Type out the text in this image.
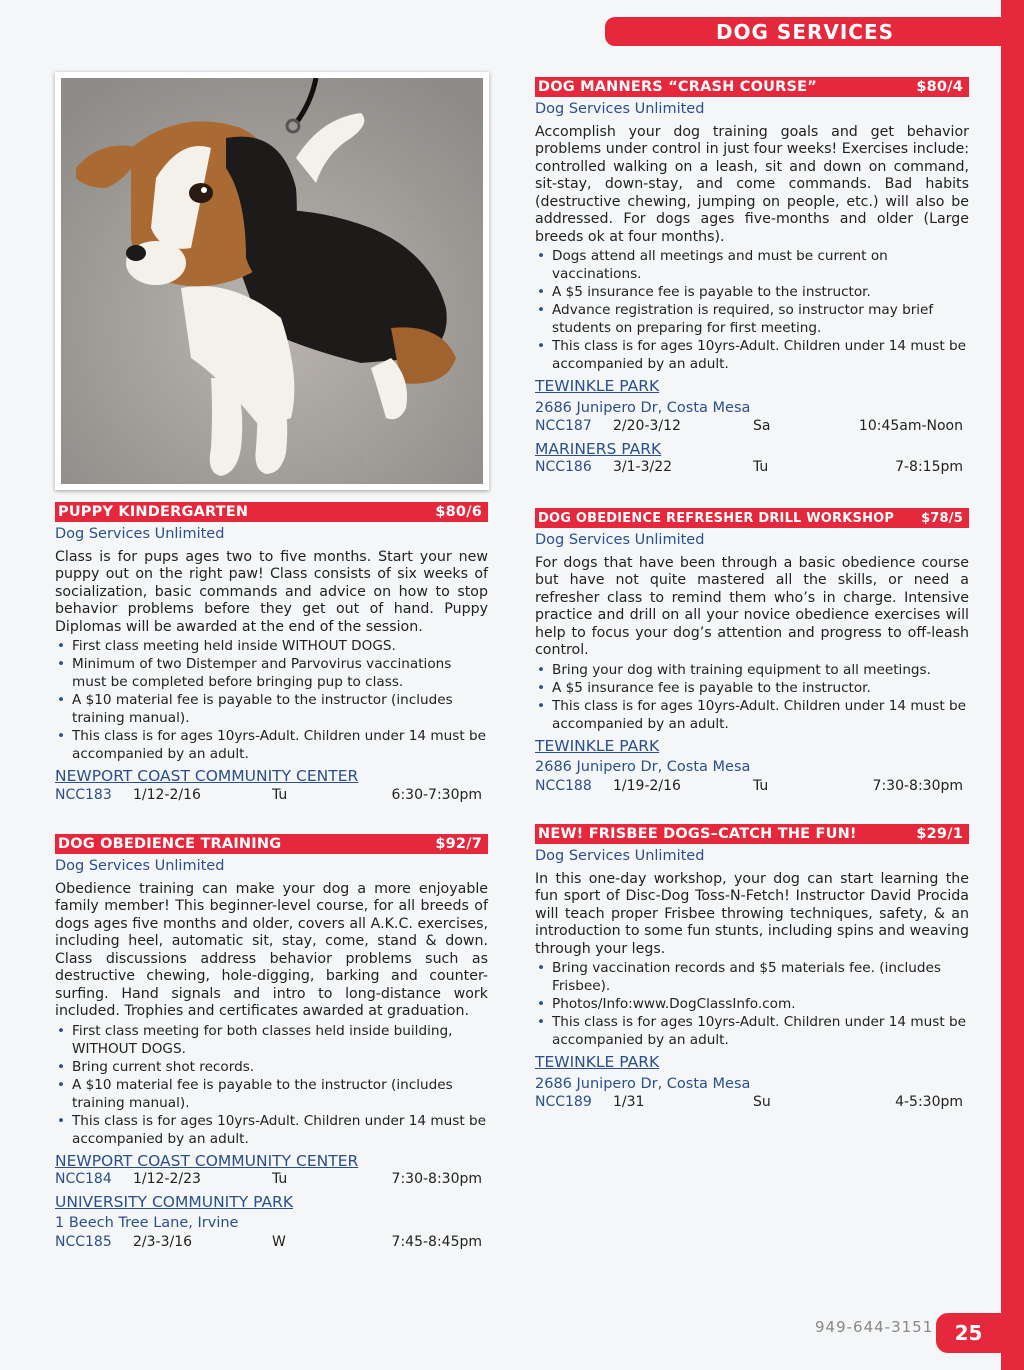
DOG SERVICES
PUPPY KINDERGARTEN	$80/6
Dog Services Unlimited

Class is for pups ages two to five months. Start your new puppy out on the right paw! Class consists of six weeks of socialization, basic commands and advice on how to stop behavior problems before they get out of hand. Puppy Diplomas will be awarded at the end of the session.

• First class meeting held inside WITHOUT DOGS.
• Minimum of two Distemper and Parvovirus vaccinations must be completed before bringing pup to class.
• A $10 material fee is payable to the instructor (includes training manual).
• This class is for ages 10yrs-Adult. Children under 14 must be accompanied by an adult.
NEWPORT COAST COMMUNITY CENTER
NCC183	1/12-2/16	Tu	6:30-7:30pm
DOG OBEDIENCE TRAINING	$92/7
Dog Services Unlimited

Obedience training can make your dog a more enjoyable family member! This beginner-level course, for all breeds of dogs ages five months and older, covers all A.K.C. exercises, including heel, automatic sit, stay, come, stand & down. Class discussions address behavior problems such as destructive chewing, hole-digging, barking and counter-surfing. Hand signals and intro to long-distance work included. Trophies and certificates awarded at graduation.

• First class meeting for both classes held inside building, WITHOUT DOGS.
• Bring current shot records.
• A $10 material fee is payable to the instructor (includes training manual).
• This class is for ages 10yrs-Adult. Children under 14 must be accompanied by an adult.
NEWPORT COAST COMMUNITY CENTER
NCC184	1/12-2/23	Tu	7:30-8:30pm
UNIVERSITY COMMUNITY PARK
1 Beech Tree Lane, Irvine
NCC185	2/3-3/16	W	7:45-8:45pm
DOG MANNERS “CRASH COURSE”	$80/4
Dog Services Unlimited

Accomplish your dog training goals and get behavior problems under control in just four weeks! Exercises include: controlled walking on a leash, sit and down on command, sit-stay, down-stay, and come commands. Bad habits (destructive chewing, jumping on people, etc.) will also be addressed. For dogs ages five-months and older (Large breeds ok at four months).

• Dogs attend all meetings and must be current on vaccinations.
• A $5 insurance fee is payable to the instructor.
• Advance registration is required, so instructor may brief students on preparing for first meeting.
• This class is for ages 10yrs-Adult. Children under 14 must be accompanied by an adult.
TEWINKLE PARK
2686 Junipero Dr, Costa Mesa
NCC187	2/20-3/12	Sa	10:45am-Noon
MARINERS PARK
NCC186	3/1-3/22	Tu	7-8:15pm
DOG OBEDIENCE REFRESHER DRILL WORKSHOP $78/5
Dog Services Unlimited

For dogs that have been through a basic obedience course but have not quite mastered all the skills, or need a refresher class to remind them who’s in charge. Intensive practice and drill on all your novice obedience exercises will help to focus your dog’s attention and progress to off-leash control.

• Bring your dog with training equipment to all meetings.
• A $5 insurance fee is payable to the instructor.
• This class is for ages 10yrs-Adult. Children under 14 must be accompanied by an adult.
TEWINKLE PARK
2686 Junipero Dr, Costa Mesa
NCC188	1/19-2/16	Tu	7:30-8:30pm
NEW! FRISBEE DOGS–CATCH THE FUN!	$29/1
Dog Services Unlimited

In this one-day workshop, your dog can start learning the fun sport of Disc-Dog Toss-N-Fetch! Instructor David Procida will teach proper Frisbee throwing techniques, safety, & an introduction to some fun stunts, including spins and weaving through your legs.

• Bring vaccination records and $5 materials fee. (includes Frisbee).
• Photos/Info:www.DogClassInfo.com.
• This class is for ages 10yrs-Adult. Children under 14 must be accompanied by an adult.
TEWINKLE PARK
2686 Junipero Dr, Costa Mesa
NCC189	1/31	Su	4-5:30pm
949-644-3151	25
